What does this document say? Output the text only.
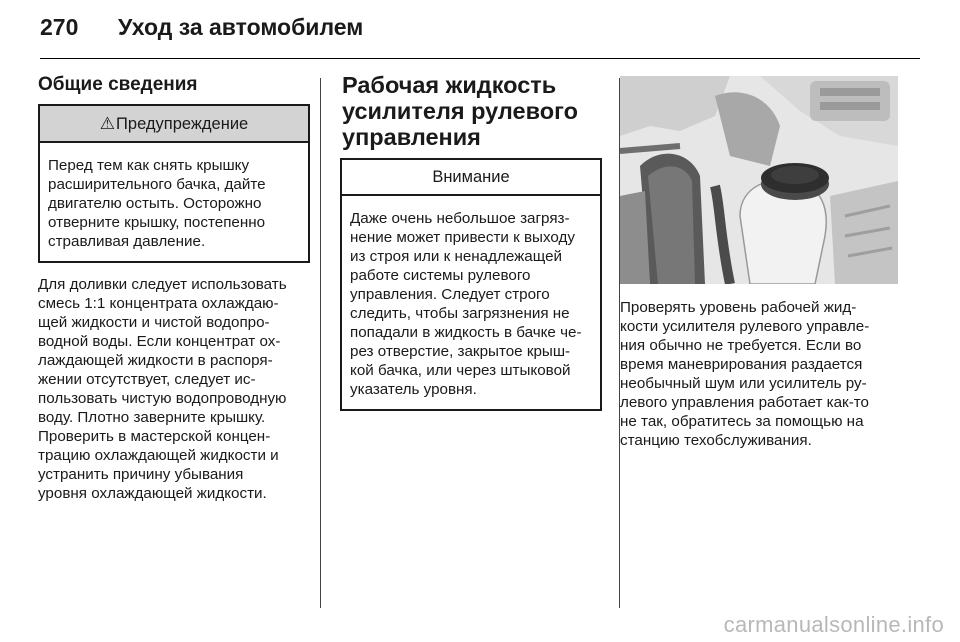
270 Уход за автомобилем
Общие сведения
⚠Предупреждение
Перед тем как снять крышку
расширительного бачка, дайте
двигателю остыть. Осторожно
отверните крышку, постепенно
стравливая давление.
Для доливки следует использовать
смесь 1:1 концентрата охлаждаю-
щей жидкости и чистой водопро-
водной воды. Если концентрат ох-
лаждающей жидкости в распоря-
жении отсутствует, следует ис-
пользовать чистую водопроводную
воду. Плотно заверните крышку.
Проверить в мастерской концен-
трацию охлаждающей жидкости и
устранить причину убывания
уровня охлаждающей жидкости.
Рабочая жидкость
усилителя рулевого
управления
Внимание
Даже очень небольшое загряз-
нение может привести к выходу
из строя или к ненадлежащей
работе системы рулевого
управления. Следует строго
следить, чтобы загрязнения не
попадали в жидкость в бачке че-
рез отверстие, закрытое крыш-
кой бачка, или через штыковой
указатель уровня.
Проверять уровень рабочей жид-
кости усилителя рулевого управле-
ния обычно не требуется. Если во
время маневрирования раздается
необычный шум или усилитель ру-
левого управления работает как-то
не так, обратитесь за помощью на
станцию техобслуживания.
carmanualsonline.info
